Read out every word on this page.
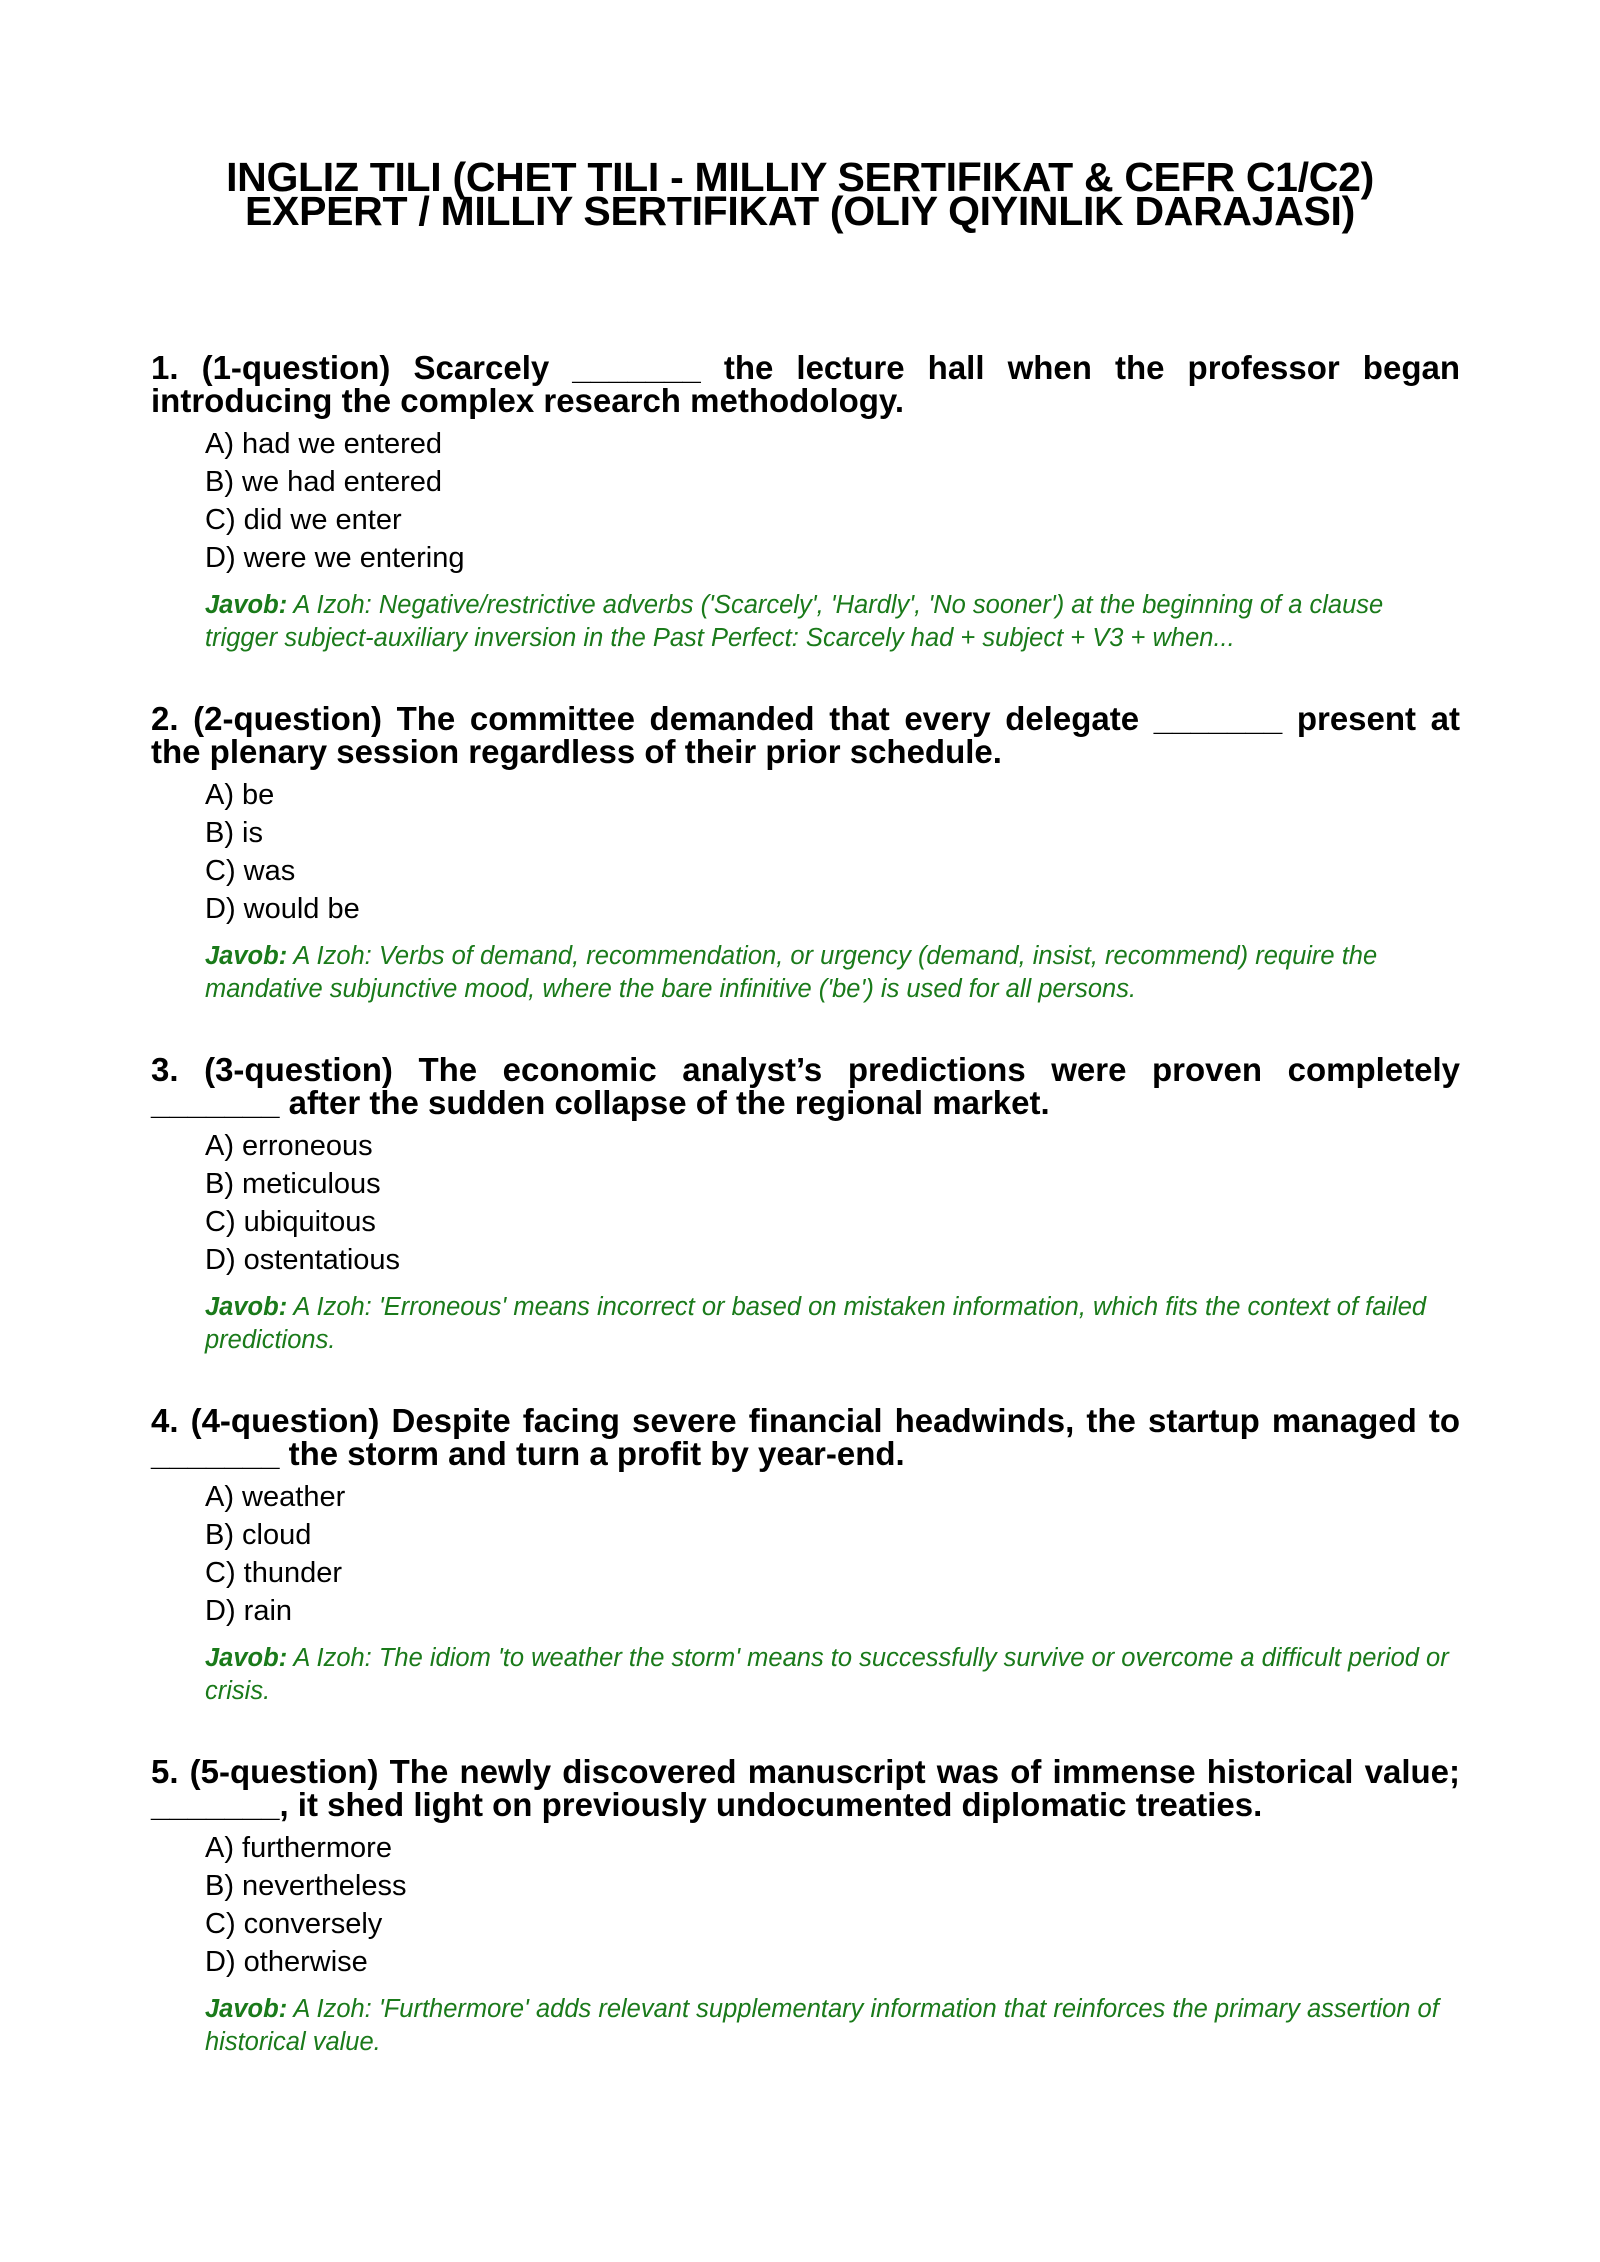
INGLIZ TILI (CHET TILI - MILLIY SERTIFIKAT & CEFR C1/C2)
EXPERT / MILLIY SERTIFIKAT (OLIY QIYINLIK DARAJASI)

1. (1-question) Scarcely _______ the lecture hall when the professor began introducing the complex research methodology.

A) had we entered
B) we had entered
C) did we enter
D) were we entering
Javob: A Izoh: Negative/restrictive adverbs ('Scarcely', 'Hardly', 'No sooner') at the beginning of a clause trigger subject-auxiliary inversion in the Past Perfect: Scarcely had + subject + V3 + when...

2. (2-question) The committee demanded that every delegate _______ present at the plenary session regardless of their prior schedule.

A) be
B) is
C) was
D) would be
Javob: A Izoh: Verbs of demand, recommendation, or urgency (demand, insist, recommend) require the mandative subjunctive mood, where the bare infinitive ('be') is used for all persons.

3. (3-question) The economic analyst’s predictions were proven completely _______ after the sudden collapse of the regional market.

A) erroneous
B) meticulous
C) ubiquitous
D) ostentatious
Javob: A Izoh: 'Erroneous' means incorrect or based on mistaken information, which fits the context of failed predictions.

4. (4-question) Despite facing severe financial headwinds, the startup managed to _______ the storm and turn a profit by year-end.

A) weather
B) cloud
C) thunder
D) rain
Javob: A Izoh: The idiom 'to weather the storm' means to successfully survive or overcome a difficult period or crisis.

5. (5-question) The newly discovered manuscript was of immense historical value; _______, it shed light on previously undocumented diplomatic treaties.

A) furthermore
B) nevertheless
C) conversely
D) otherwise
Javob: A Izoh: 'Furthermore' adds relevant supplementary information that reinforces the primary assertion of historical value.
